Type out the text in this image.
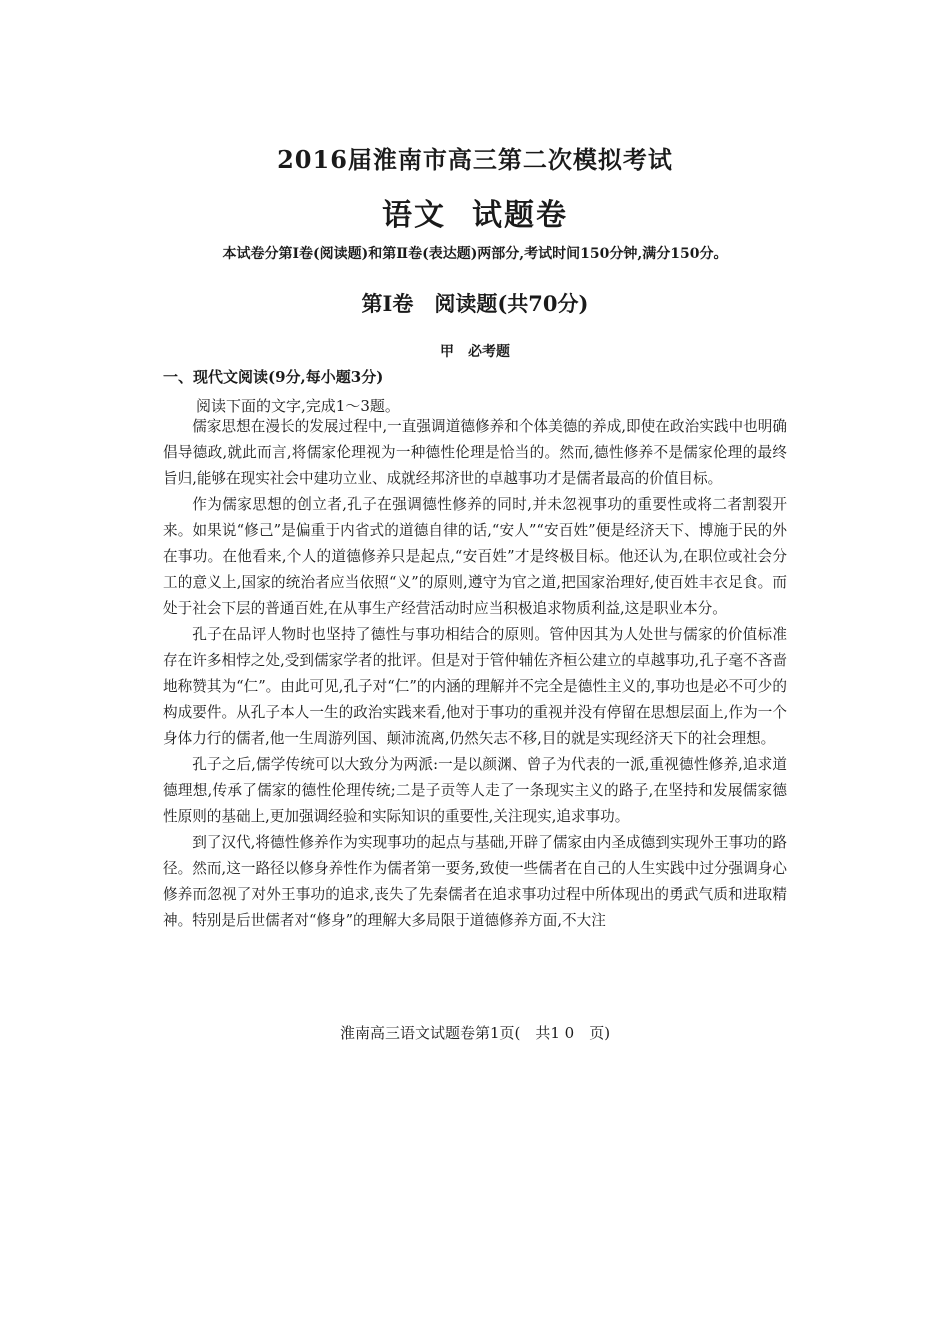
2016届淮南市高三第二次模拟考试
语文 试题卷
本试卷分第Ⅰ卷(阅读题)和第Ⅱ卷(表达题)两部分,考试时间150分钟,满分150分。
第Ⅰ卷　阅读题(共70分)
甲　必考题
一、现代文阅读(9分,每小题3分)
阅读下面的文字,完成1～3题。

儒家思想在漫长的发展过程中,一直强调道德修养和个体美德的养成,即使在政治实践中也明确倡导德政,就此而言,将儒家伦理视为一种德性伦理是恰当的。然而,德性修养不是儒家伦理的最终旨归,能够在现实社会中建功立业、成就经邦济世的卓越事功才是儒者最高的价值目标。

作为儒家思想的创立者,孔子在强调德性修养的同时,并未忽视事功的重要性或将二者割裂开来。如果说“修己”是偏重于内省式的道德自律的话,“安人”“安百姓”便是经济天下、博施于民的外在事功。在他看来,个人的道德修养只是起点,“安百姓”才是终极目标。他还认为,在职位或社会分工的意义上,国家的统治者应当依照“义”的原则,遵守为官之道,把国家治理好,使百姓丰衣足食。而处于社会下层的普通百姓,在从事生产经营活动时应当积极追求物质利益,这是职业本分。

孔子在品评人物时也坚持了德性与事功相结合的原则。管仲因其为人处世与儒家的价值标准存在许多相悖之处,受到儒家学者的批评。但是对于管仲辅佐齐桓公建立的卓越事功,孔子毫不吝啬地称赞其为“仁”。由此可见,孔子对“仁”的内涵的理解并不完全是德性主义的,事功也是必不可少的构成要件。从孔子本人一生的政治实践来看,他对于事功的重视并没有停留在思想层面上,作为一个身体力行的儒者,他一生周游列国、颠沛流离,仍然矢志不移,目的就是实现经济天下的社会理想。

孔子之后,儒学传统可以大致分为两派:一是以颜渊、曾子为代表的一派,重视德性修养,追求道德理想,传承了儒家的德性伦理传统;二是子贡等人走了一条现实主义的路子,在坚持和发展儒家德性原则的基础上,更加强调经验和实际知识的重要性,关注现实,追求事功。

到了汉代,将德性修养作为实现事功的起点与基础,开辟了儒家由内圣成德到实现外王事功的路径。然而,这一路径以修身养性作为儒者第一要务,致使一些儒者在自己的人生实践中过分强调身心修养而忽视了对外王事功的追求,丧失了先秦儒者在追求事功过程中所体现出的勇武气质和进取精神。特别是后世儒者对“修身”的理解大多局限于道德修养方面,不大注

淮南高三语文试题卷第1页(　共1 0　页)
